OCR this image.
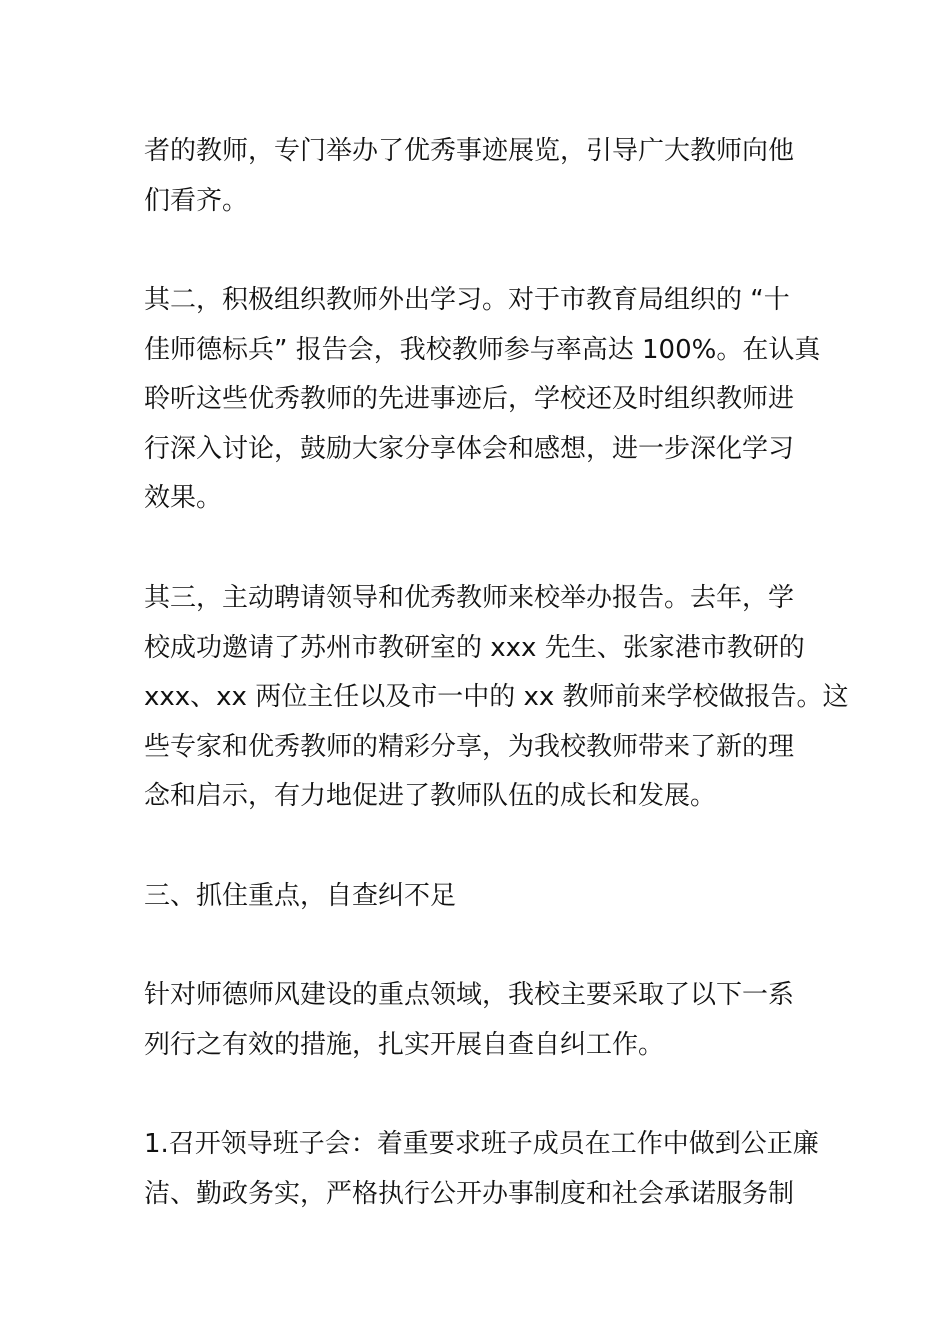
者的教师，专门举办了优秀事迹展览，引导广大教师向他
们看齐。
其二，积极组织教师外出学习。对于市教育局组织的 “十
佳师德标兵” 报告会，我校教师参与率高达 100%。在认真
聆听这些优秀教师的先进事迹后，学校还及时组织教师进
行深入讨论，鼓励大家分享体会和感想，进一步深化学习
效果。
其三，主动聘请领导和优秀教师来校举办报告。去年，学
校成功邀请了苏州市教研室的 xxx 先生、张家港市教研的
xxx、xx 两位主任以及市一中的 xx 教师前来学校做报告。这
些专家和优秀教师的精彩分享，为我校教师带来了新的理
念和启示，有力地促进了教师队伍的成长和发展。
三、抓住重点，自查纠不足
针对师德师风建设的重点领域，我校主要采取了以下一系
列行之有效的措施，扎实开展自查自纠工作。
1.召开领导班子会：着重要求班子成员在工作中做到公正廉
洁、勤政务实，严格执行公开办事制度和社会承诺服务制
